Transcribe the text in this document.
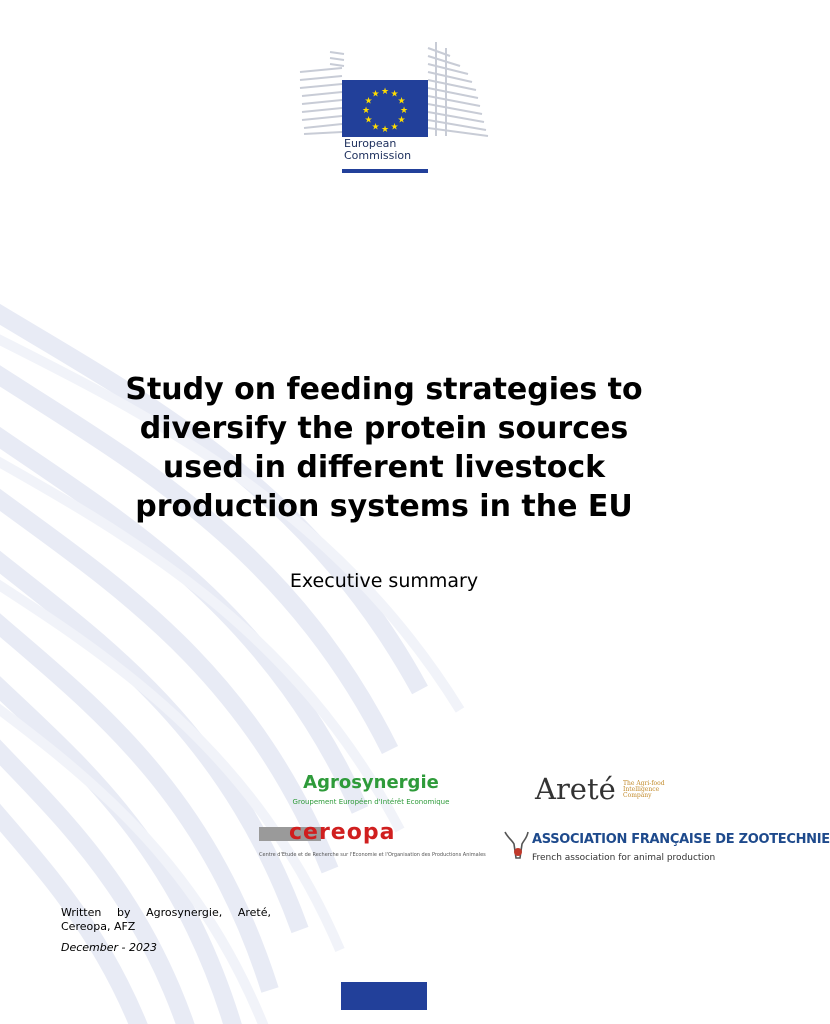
★ ★
★
★
★
★
★
★
★
★
★
★
European
Commission
Study on feeding strategies to
diversify the protein sources
used in different livestock
production systems in the EU
Executive summary
Agrosynergie
Groupement Européen d'Intérêt Economique	Areté The Agri-food
Intelligence
Company
cereopa
Centre d'Etude et de Recherche sur l'Economie et l'Organisation des Productions Animales
ASSOCIATION FRANÇAISE DE ZOOTECHNIE
French association for animal production
Written by Agrosynergie, Areté, Cereopa, AFZ
December - 2023
